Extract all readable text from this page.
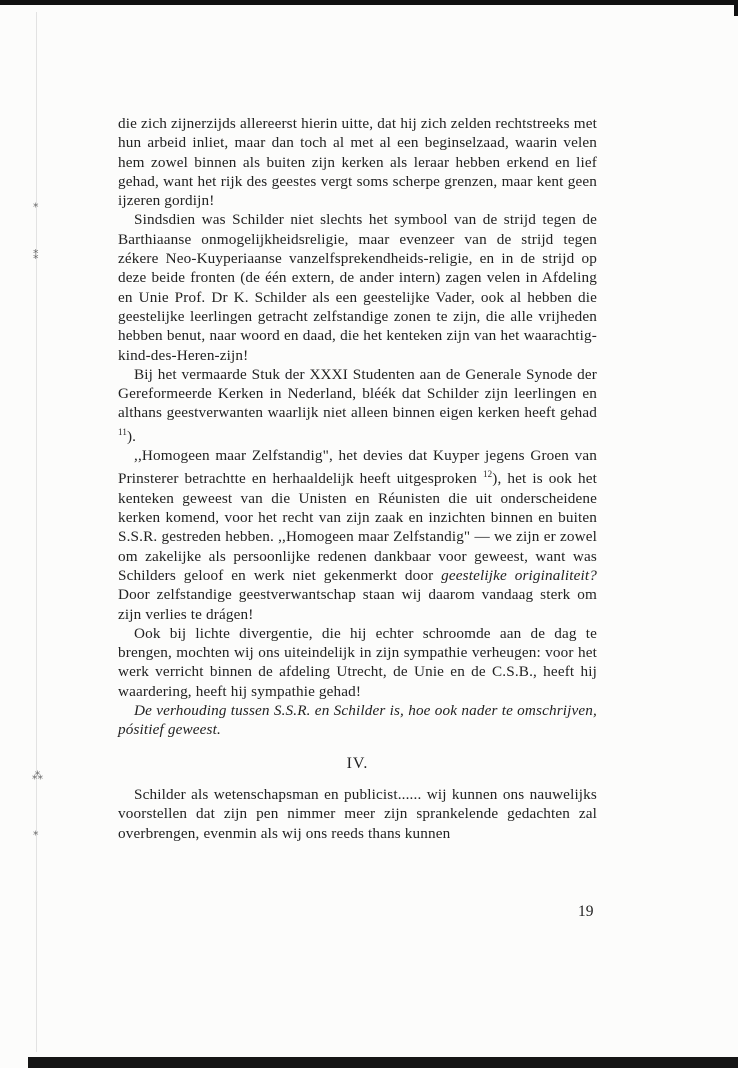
⁎
⁑
⁂
⁎

die zich zijnerzijds allereerst hierin uitte, dat hij zich zelden rechtstreeks met hun arbeid inliet, maar dan toch al met al een beginselzaad, waarin velen hem zowel binnen als buiten zijn kerken als leraar hebben erkend en lief gehad, want het rijk des geestes vergt soms scherpe grenzen, maar kent geen ijzeren gordijn!

Sindsdien was Schilder niet slechts het symbool van de strijd tegen de Barthiaanse onmogelijkheidsreligie, maar evenzeer van de strijd tegen zékere Neo-Kuyperiaanse vanzelfsprekendheids-religie, en in de strijd op deze beide fronten (de één extern, de ander intern) zagen velen in Afdeling en Unie Prof. Dr K. Schilder als een geestelijke Vader, ook al hebben die geestelijke leerlingen getracht zelfstandige zonen te zijn, die alle vrijheden hebben benut, naar woord en daad, die het kenteken zijn van het waarachtig-kind-des-Heren-zijn!

Bij het vermaarde Stuk der XXXI Studenten aan de Generale Synode der Gereformeerde Kerken in Nederland, bléék dat Schilder zijn leerlingen en althans geestverwanten waarlijk niet alleen binnen eigen kerken heeft gehad $^{11}$).

,,Homogeen maar Zelfstandig", het devies dat Kuyper jegens Groen van Prinsterer betrachtte en herhaaldelijk heeft uitgesproken $^{12}$), het is ook het kenteken geweest van die Unisten en Réunisten die uit onderscheidene kerken komend, voor het recht van zijn zaak en inzichten binnen en buiten S.S.R. gestreden hebben. ,,Homogeen maar Zelfstandig" — we zijn er zowel om zakelijke als persoonlijke redenen dankbaar voor geweest, want was Schilders geloof en werk niet gekenmerkt door geestelijke originaliteit? Door zelfstandige geestverwantschap staan wij daarom vandaag sterk om zijn verlies te drágen!

Ook bij lichte divergentie, die hij echter schroomde aan de dag te brengen, mochten wij ons uiteindelijk in zijn sympathie verheugen: voor het werk verricht binnen de afdeling Utrecht, de Unie en de C.S.B., heeft hij waardering, heeft hij sympathie gehad!

De verhouding tussen S.S.R. en Schilder is, hoe ook nader te omschrijven, pósitief geweest.

IV.

Schilder als wetenschapsman en publicist...... wij kunnen ons nauwelijks voorstellen dat zijn pen nimmer meer zijn sprankelende gedachten zal overbrengen, evenmin als wij ons reeds thans kunnen

19
